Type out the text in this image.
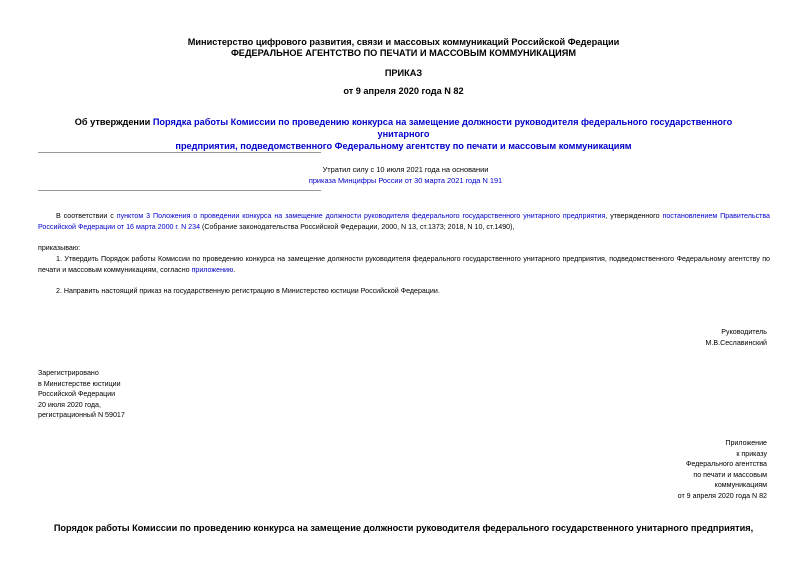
Министерство цифрового развития, связи и массовых коммуникаций Российской Федерации
ФЕДЕРАЛЬНОЕ АГЕНТСТВО ПО ПЕЧАТИ И МАССОВЫМ КОММУНИКАЦИЯМ
ПРИКАЗ
от 9 апреля 2020 года N 82
Об утверждении Порядка работы Комиссии по проведению конкурса на замещение должности руководителя федерального государственного унитарного
предприятия, подведомственного Федеральному агентству по печати и массовым коммуникациям
Утратил силу с 10 июля 2021 года на основании
приказа Минцифры России от 30 марта 2021 года N 191
В соответствии с пунктом 3 Положения о проведении конкурса на замещение должности руководителя федерального государственного унитарного предприятия, утвержденного постановлением Правительства Российской Федерации от 16 марта 2000 г. N 234 (Собрание законодательства Российской Федерации, 2000, N 13, ст.1373; 2018, N 10, ст.1490),
приказываю:
1. Утвердить Порядок работы Комиссии по проведению конкурса на замещение должности руководителя федерального государственного унитарного предприятия, подведомственного Федеральному агентству по печати и массовым коммуникациям, согласно приложению.
2. Направить настоящий приказ на государственную регистрацию в Министерство юстиции Российской Федерации.
Руководитель
М.В.Сеславинский
Зарегистрировано
в Министерстве юстиции
Российской Федерации
20 июля 2020 года,
регистрационный N 59017
Приложение
к приказу
Федерального агентства
по печати и массовым
коммуникациям
от 9 апреля 2020 года N 82
Порядок работы Комиссии по проведению конкурса на замещение должности руководителя федерального государственного унитарного предприятия,
